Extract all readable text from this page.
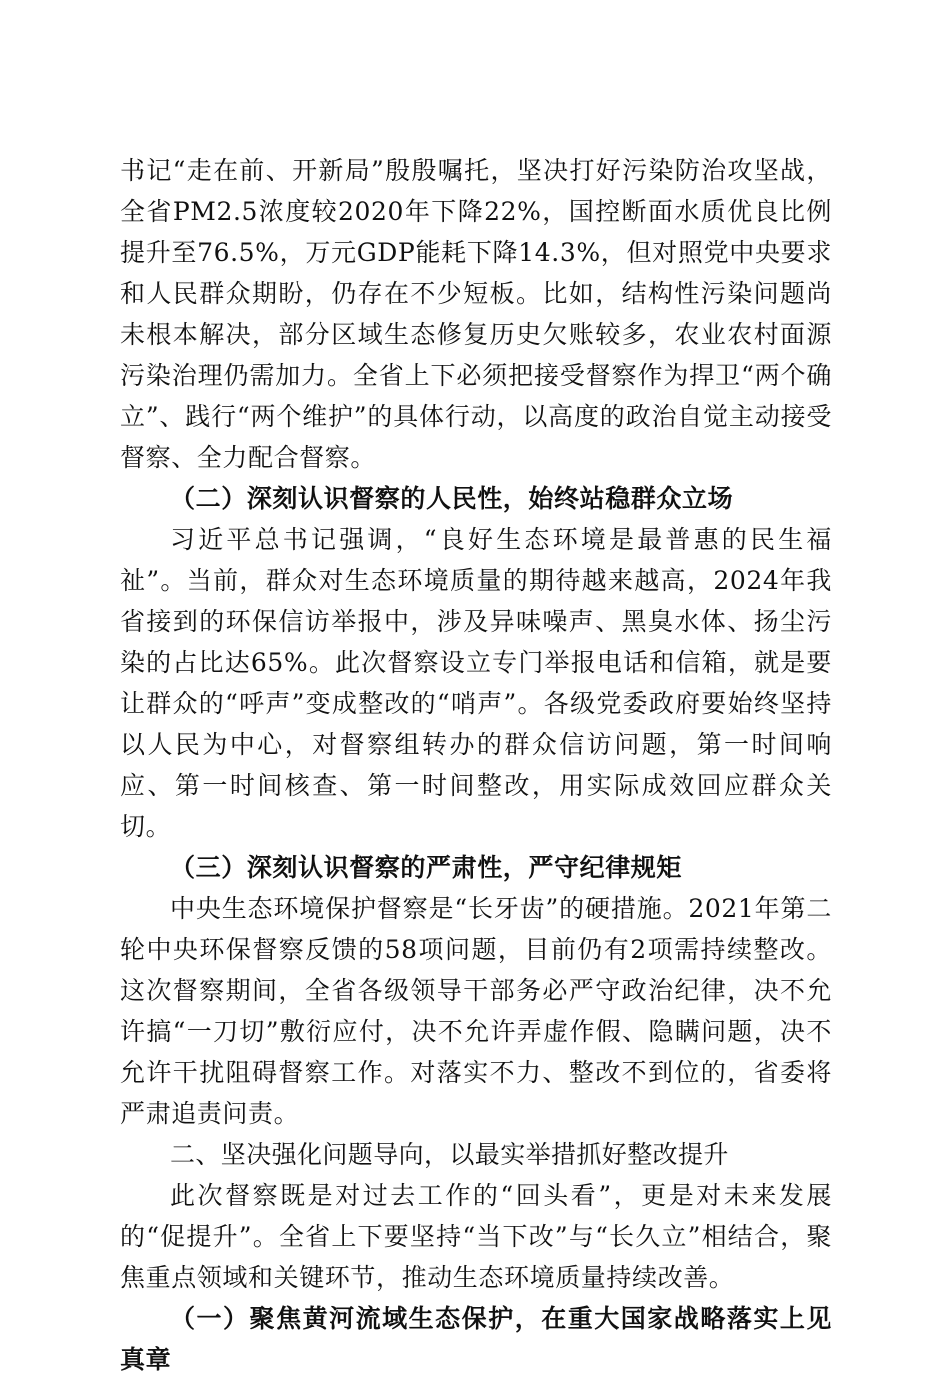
书记“走在前、开新局”殷殷嘱托，坚决打好污染防治攻坚战，全省PM2.5浓度较2020年下降22%，国控断面水质优良比例提升至76.5%，万元GDP能耗下降14.3%，但对照党中央要求和人民群众期盼，仍存在不少短板。比如，结构性污染问题尚未根本解决，部分区域生态修复历史欠账较多，农业农村面源污染治理仍需加力。全省上下必须把接受督察作为捍卫“两个确立”、践行“两个维护”的具体行动，以高度的政治自觉主动接受督察、全力配合督察。

（二）深刻认识督察的人民性，始终站稳群众立场

习近平总书记强调，“良好生态环境是最普惠的民生福祉”。当前，群众对生态环境质量的期待越来越高，2024年我省接到的环保信访举报中，涉及异味噪声、黑臭水体、扬尘污染的占比达65%。此次督察设立专门举报电话和信箱，就是要让群众的“呼声”变成整改的“哨声”。各级党委政府要始终坚持以人民为中心，对督察组转办的群众信访问题，第一时间响应、第一时间核查、第一时间整改，用实际成效回应群众关切。

（三）深刻认识督察的严肃性，严守纪律规矩

中央生态环境保护督察是“长牙齿”的硬措施。2021年第二轮中央环保督察反馈的58项问题，目前仍有2项需持续整改。这次督察期间，全省各级领导干部务必严守政治纪律，决不允许搞“一刀切”敷衍应付，决不允许弄虚作假、隐瞒问题，决不允许干扰阻碍督察工作。对落实不力、整改不到位的，省委将严肃追责问责。

二、坚决强化问题导向，以最实举措抓好整改提升

此次督察既是对过去工作的“回头看”，更是对未来发展的“促提升”。全省上下要坚持“当下改”与“长久立”相结合，聚焦重点领域和关键环节，推动生态环境质量持续改善。

（一）聚焦黄河流域生态保护，在重大国家战略落实上见真章
